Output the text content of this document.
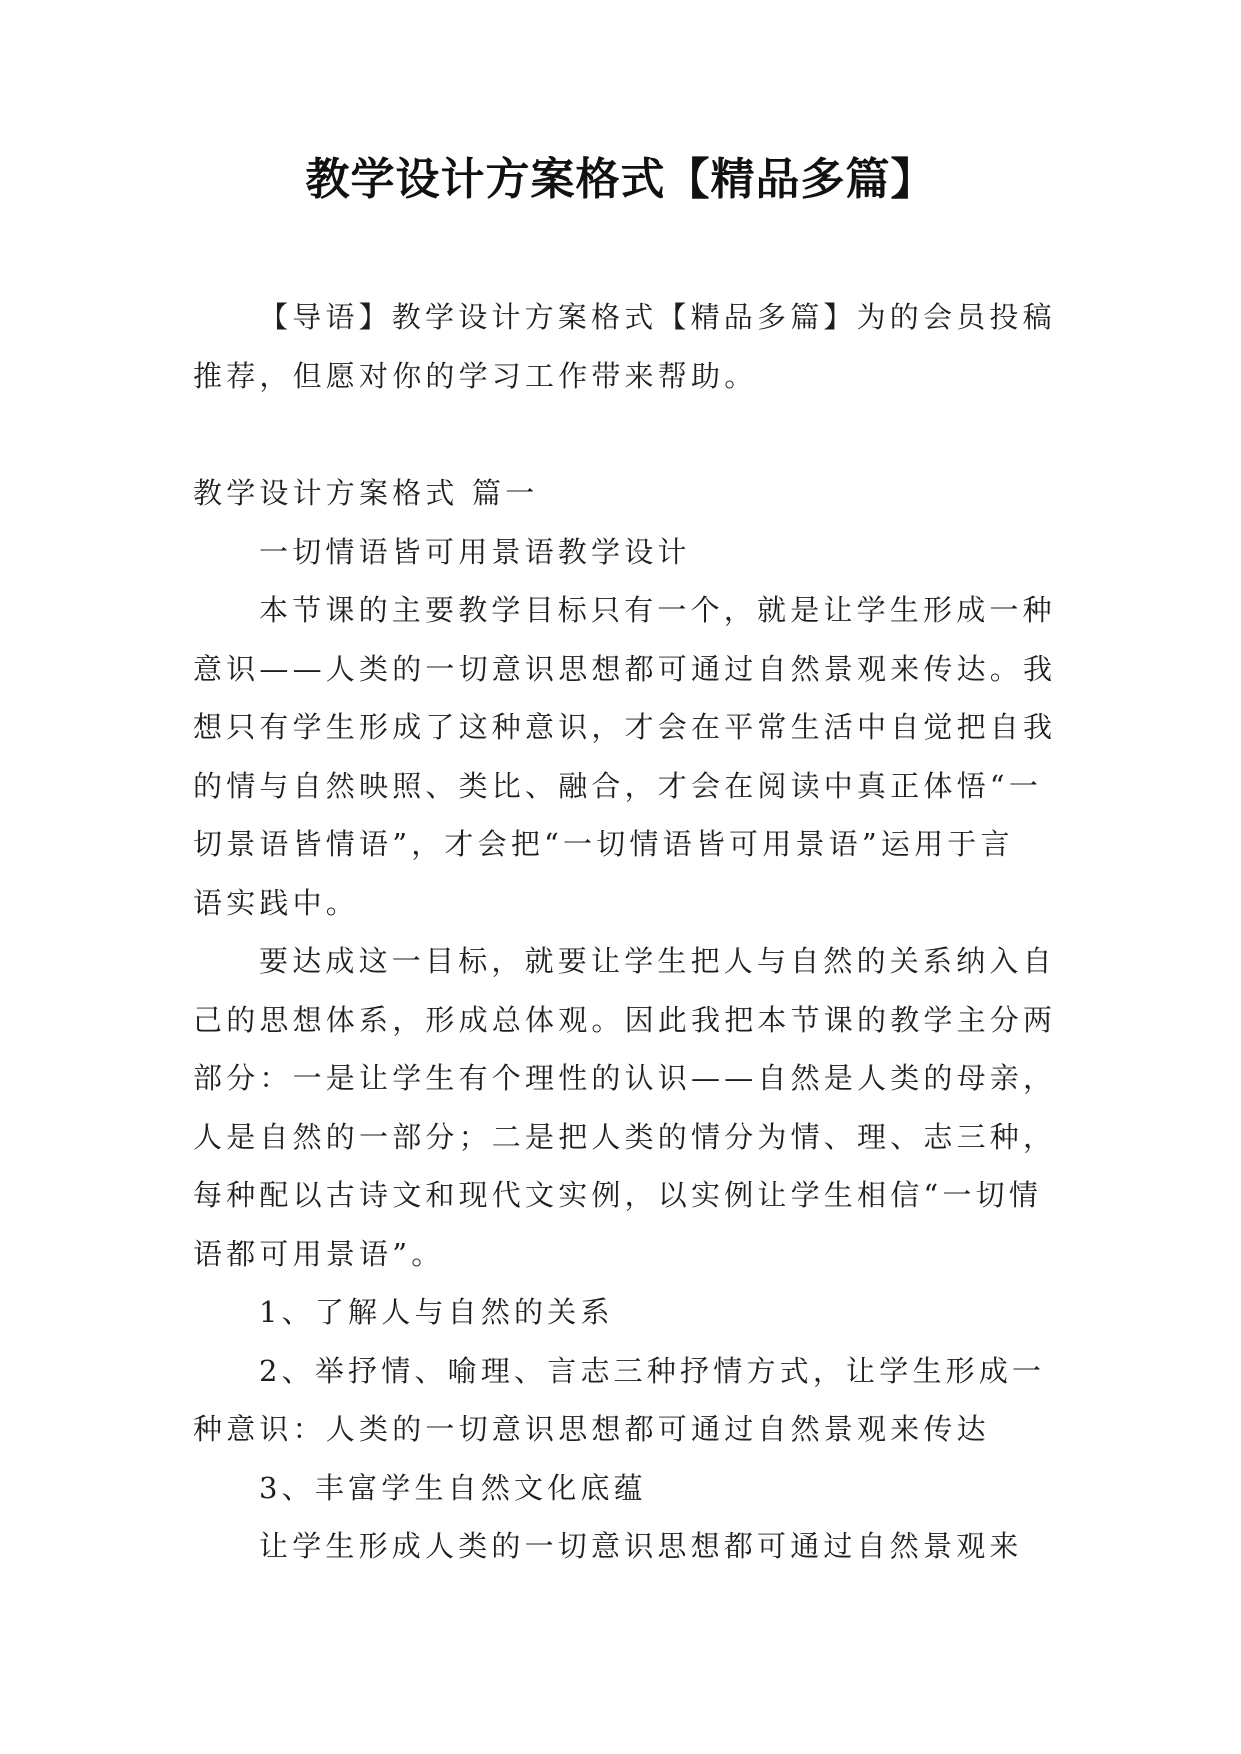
教学设计方案格式【精品多篇】
【导语】教学设计方案格式【精品多篇】为的会员投稿
推荐，但愿对你的学习工作带来帮助。
教学设计方案格式 篇一
一切情语皆可用景语教学设计
本节课的主要教学目标只有一个，就是让学生形成一种
意识——人类的一切意识思想都可通过自然景观来传达。我
想只有学生形成了这种意识，才会在平常生活中自觉把自我
的情与自然映照、类比、融合，才会在阅读中真正体悟“一
切景语皆情语”，才会把“一切情语皆可用景语”运用于言
语实践中。
要达成这一目标，就要让学生把人与自然的关系纳入自
己的思想体系，形成总体观。因此我把本节课的教学主分两
部分：一是让学生有个理性的认识——自然是人类的母亲，
人是自然的一部分；二是把人类的情分为情、理、志三种，
每种配以古诗文和现代文实例，以实例让学生相信“一切情
语都可用景语”。
1、了解人与自然的关系
2、举抒情、喻理、言志三种抒情方式，让学生形成一
种意识：人类的一切意识思想都可通过自然景观来传达
3、丰富学生自然文化底蕴
让学生形成人类的一切意识思想都可通过自然景观来
